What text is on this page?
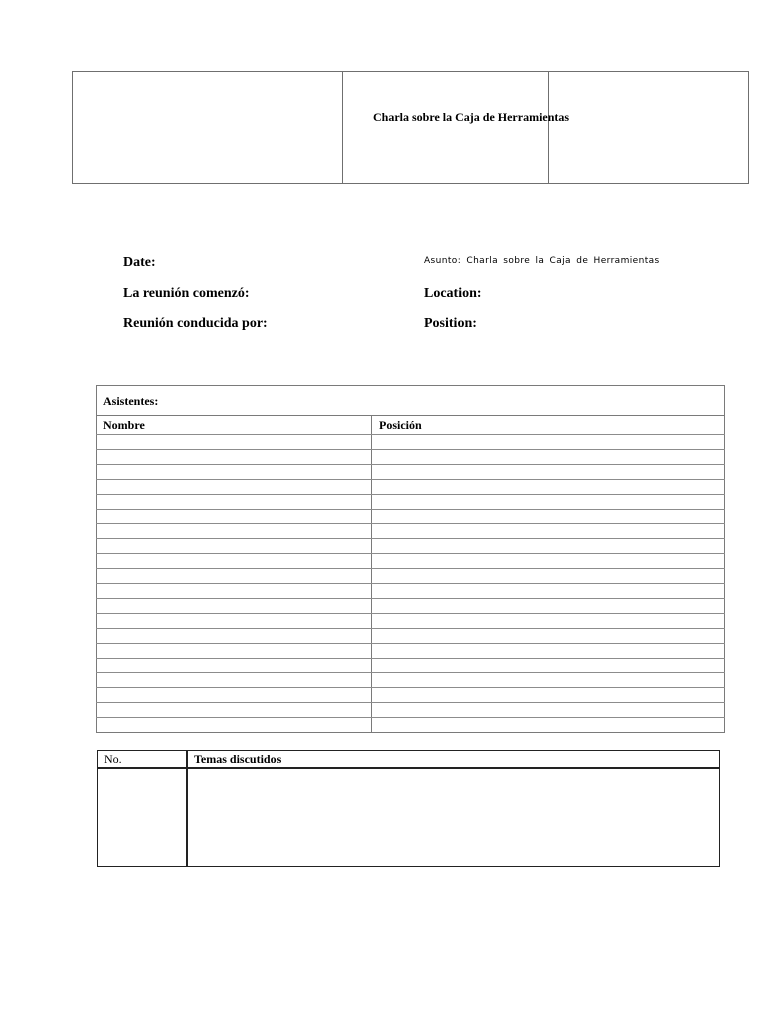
Charla sobre la Caja de Herramientas
Date:
La reunión comenzó:
Reunión conducida por:
Asunto: Charla sobre la Caja de Herramientas
Location:
Position:
Asistentes:
Nombre	Posición
No.	Temas discutidos
